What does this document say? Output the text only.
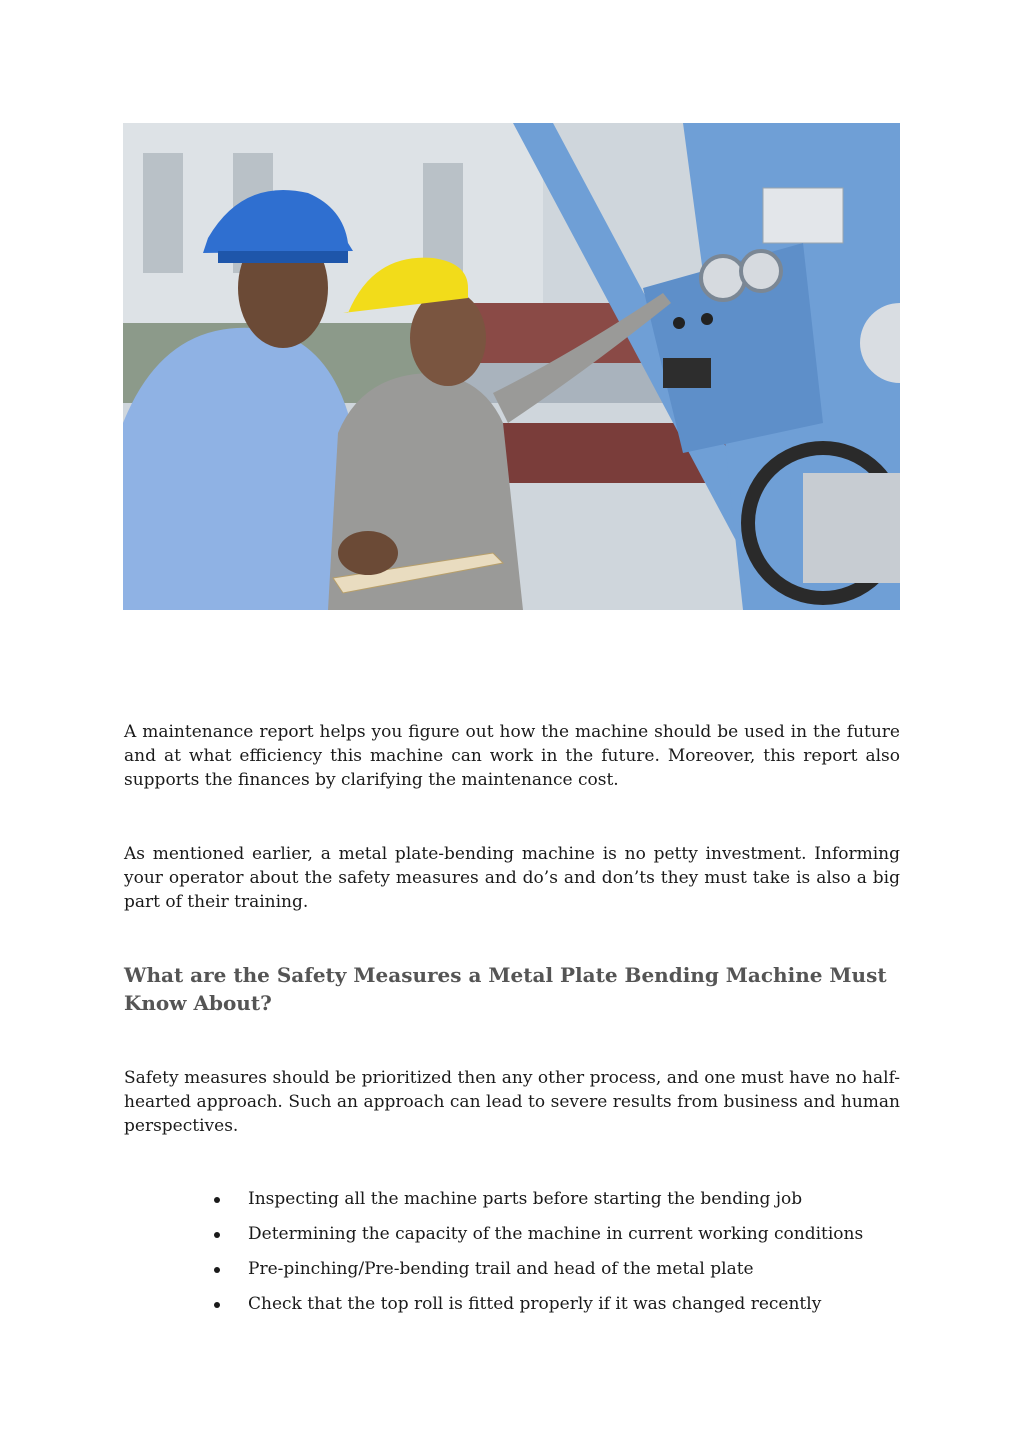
A maintenance report helps you figure out how the machine should be used in the future and at what efficiency this machine can work in the future. Moreover, this report also supports the finances by clarifying the maintenance cost.

As mentioned earlier, a metal plate-bending machine is no petty investment. Informing your operator about the safety measures and do’s and don’ts they must take is also a big part of their training.

What are the Safety Measures a Metal Plate Bending Machine Must Know About?

Safety measures should be prioritized then any other process, and one must have no half-hearted approach. Such an approach can lead to severe results from business and human perspectives.

Inspecting all the machine parts before starting the bending job
Determining the capacity of the machine in current working conditions
Pre-pinching/Pre-bending trail and head of the metal plate
Check that the top roll is fitted properly if it was changed recently
